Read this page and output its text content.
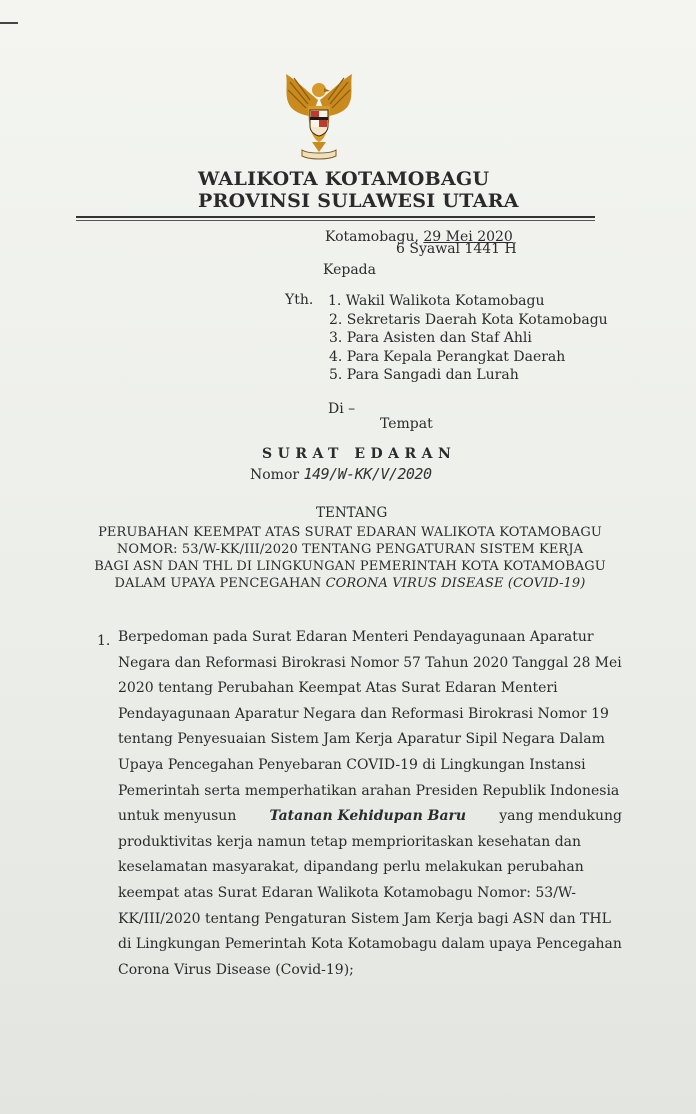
WALIKOTA KOTAMOBAGU
PROVINSI SULAWESI UTARA
Kotamobagu, 29 Mei 2020
6 Syawal 1441 H
Kepada
Yth. 1. Wakil Walikota Kotamobagu
2. Sekretaris Daerah Kota Kotamobagu
3. Para Asisten dan Staf Ahli
4. Para Kepala Perangkat Daerah
5. Para Sangadi dan Lurah
Di –
Tempat
SURAT EDARAN
Nomor 149/W-KK/V/2020
TENTANG
PERUBAHAN KEEMPAT ATAS SURAT EDARAN WALIKOTA KOTAMOBAGU
NOMOR: 53/W-KK/III/2020 TENTANG PENGATURAN SISTEM KERJA
BAGI ASN DAN THL DI LINGKUNGAN PEMERINTAH KOTA KOTAMOBAGU
DALAM UPAYA PENCEGAHAN CORONA VIRUS DISEASE (COVID-19)
1. Berpedoman pada Surat Edaran Menteri Pendayagunaan Aparatur
Negara dan Reformasi Birokrasi Nomor 57 Tahun 2020 Tanggal 28 Mei
2020 tentang Perubahan Keempat Atas Surat Edaran Menteri
Pendayagunaan Aparatur Negara dan Reformasi Birokrasi Nomor 19
tentang Penyesuaian Sistem Jam Kerja Aparatur Sipil Negara Dalam
Upaya Pencegahan Penyebaran COVID-19 di Lingkungan Instansi
Pemerintah serta memperhatikan arahan Presiden Republik Indonesia
untuk menyusun Tatanan Kehidupan Baru yang mendukung
produktivitas kerja namun tetap memprioritaskan kesehatan dan
keselamatan masyarakat, dipandang perlu melakukan perubahan
keempat atas Surat Edaran Walikota Kotamobagu Nomor: 53/W-
KK/III/2020 tentang Pengaturan Sistem Jam Kerja bagi ASN dan THL
di Lingkungan Pemerintah Kota Kotamobagu dalam upaya Pencegahan
Corona Virus Disease (Covid-19);
